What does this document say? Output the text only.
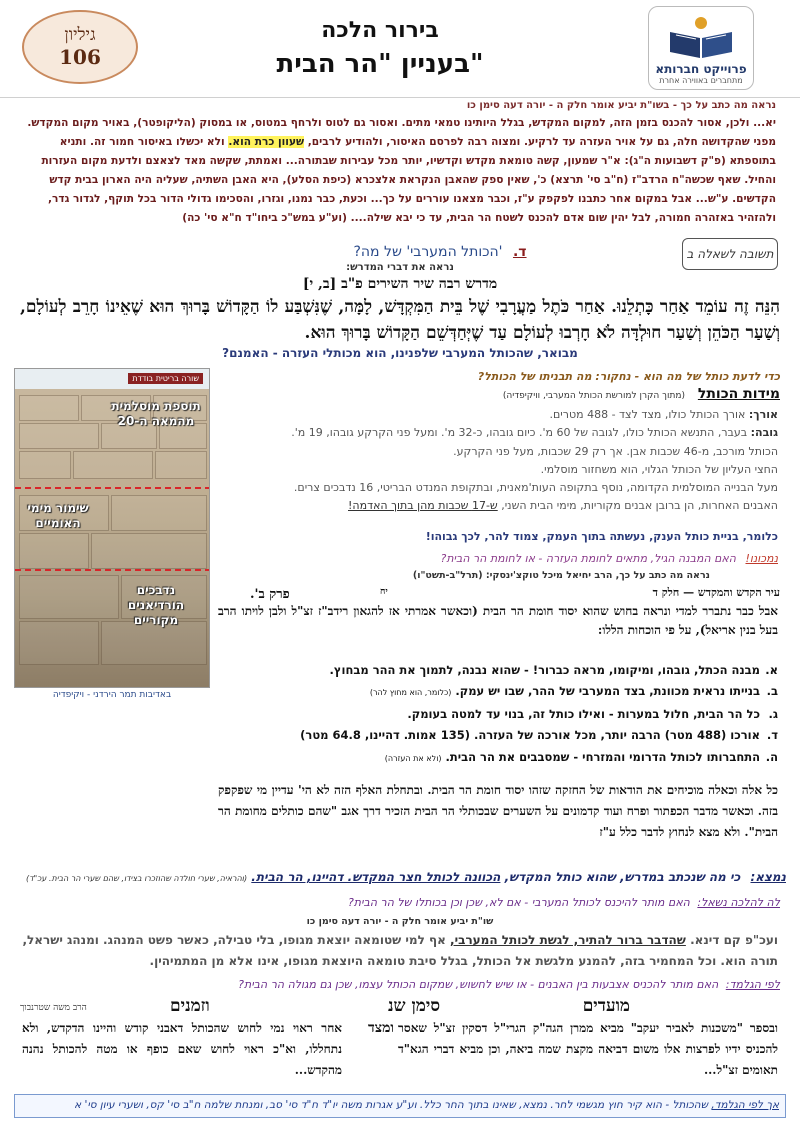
גיליון
106
בירור הלכה
בעניין "הר הבית"	פרוייקט חברותא
מתחברים באווירה אחרת
נראה מה כתב על כך - בשו"ת יביע אומר חלק ה - יורה דעה סימן כו
יא... ולכן, אסור להכנס בזמן הזה, למקום המקדש, בגלל היותינו טמאי מתים. ואסור גם לטוס ולרחף במטוס, או במסוק (הליקופטר), באויר מקום המקדש. מפני שהקדושה חלה, גם על אויר העזרה עד לרקיע. ומצוה רבה לפרסם האיסור, ולהודיע לרבים, שעוון כרת הוא. ולא יכשלו באיסור חמור זה. ותניא בתוספתא (פ"ק דשבועות ה"ג): א"ר שמעון, קשה טומאת מקדש וקדשיו, יותר מכל עבירות שבתורה... ואמתת, שקשה מאד לצאצם ולדעת מקום העזרות והחיל. שאף שכשה"ח הרדב"ז (ח"ב סי' תרצא) כ', שאין ספק שהאבן הנקראת אלצכרא (כיפת הסלע), היא האבן השתיה, שעליה היה הארון בבית קדש הקדשים. ע"ש... אבל במקום אחר כתבנו לפקפק ע"ז, וכבר מצאנו עוררים על כך... וכעת, כבר נמנו, וגזרו, והסכימו גדולי הדור בכל תוקף, לגדור גדר, ולהזהיר באזהרה חמורה, לבל יהין שום אדם להכנס לשטח הר הבית, עד כי יבא שילה.... (וע"ע במש"כ ביחו"ד ח"א סי' כה)
תשובה לשאלה ב
ד. 'הכותל המערבי' של מה?
נראה את דברי המדרש:
מדרש רבה שיר השירים פ"ב [ב, י]
הִנֵּה זֶה עוֹמֵד אַחַר כָּתְלֵנוּ. אַחַר כֹּתֶל מַעֲרָבִי שֶׁל בֵּית הַמִּקְדָּשׁ, לָמָּה, שֶׁנִּשְׁבַּע לוֹ הַקָּדוֹשׁ בָּרוּךְ הוּא שֶׁאֵינוֹ חָרֵב לְעוֹלָם, וְשַׁעַר הַכֹּהֵן וְשַׁעַר חוּלְדָּה לֹא חָרְבוּ לְעוֹלָם עַד שֶׁיְּחַדְּשֵׁם הַקָּדוֹשׁ בָּרוּךְ הוּא.
מבואר, שהכותל המערבי שלפנינו, הוא מכותלי העזרה - האמנם?
שורה בריטית בודדת
תוספת מוסלמית מהמאה ה-20
שימור מימי האומיים
נדבכים הורדיאנים מקוריים
באדיבות תמר הירדני - ויקיפדיה
כדי לדעת כותל של מה הוא - נחקור: מה תבניתו של הכותל?
מידות הכותל (מתוך הקרן למורשת הכותל המערבי, וויקיפדיה)
אורך: אורך הכותל כולו, מצד לצד - 488 מטרים.
גובה: בעבר, התנשא הכותל כולו, לגובה של 60 מ'. כיום גובהו, כ-32 מ'. ומעל פני הקרקע גובהו, 19 מ'.
הכותל מורכב, מ-46 שכבות אבן. אך רק 29 שכבות, מעל פני הקרקע.
החצי העליון של הכותל הגלוי, הוא משחזור מוסלמי.
מעל הבנייה המוסלמית הקדומה, נוסף בתקופה העות'מאנית, ובתקופת המנדט הבריטי, 16 נדבכים צרים.
האבנים האחרות, הן ברובן אבנים מקוריות, מימי הבית השני, ש-17 שכבות מהן בתוך האדמה!
כלומר, בניית כותל הענק, נעשתה בתוך העמק, צמוד להר, לכך גבוהו!
נמכונו! האם המבנה הגיל, מתאים לחומת העזרה - או לחומת הר הבית?
נראה מה כתב על כך, הרב יחיאל מיכל טוקצ'ינסקי: (תרל"ב-תשט"ו)
עיר הקדש והמקדש — חלק ד
יח
פרק ב'.
אבל כבר נתברר למדי ונראה בחוש שהוא יסוד חומת הר הבית (וכאשר אמרתי אז להגאון רידב"ז זצ"ל ולבן לויתו הרב בעל בנין אריאל), על פי הוכחות הללו:
א.מבנה הכתל, גובהו, ומיקומו, מראה כברור! - שהוא נבנה, לתמוך את ההר מבחוץ.
ב.בנייתו נראית מכוונת, בצד המערבי של ההר, שבו יש עמק. (כלומר, הוא מחוץ להר)
ג.כל הר הבית, חלול במערות - ואילו כותל זה, בנוי עד למטה בעומק.
ד.אורכו (488 מטר) הרבה יותר, מכל אורכה של העזרה. (135 אמות. דהיינו, 64.8 מטר)
ה.התחברותו לכותל הדרומי והמזרחי - שמסבבים את הר הבית. (ולא את העזרה)
כל אלה וכאלה מוכיחים את הודאות של החזקה שזהו יסוד חומת הר הבית. ובתחלת האלף הזה לא הי' עדיין מי שפקפק בזה. וכאשר מדבר הכפתור ופרח ועוד קדמונים על השערים שבכותלי הר הבית הזכיר דרך אגב "שהם כותלים מחומת הר הבית". ולא מצא לנחוץ לדבר כלל ע"ז
נמצא: כי מה שנכתב במדרש, שהוא כותל המקדש, הכוונה לכותל חצר המקדש. דהיינו, הר הבית. (והראיה, שערי חולדה שהוזכרו בצידו, שהם שערי הר הבית. עכ"ד)
לה להלכה נשאל: האם מותר להיכנס לכותל המערבי - אם לא, שכן וכן בכותלו של הר הבית?
שו"ת יביע אומר חלק ה - יורה דעה סימן כו
ועכ"פ קם דינא. שהדבר ברור להתיר, לגשת לכותל המערבי, אף למי שטומאה יוצאת מגופו, בלי טבילה, כאשר פשט המנהג. ומנהג ישראל, תורה הוא. וכל המחמיר בזה, להמנע מלגשת אל הכותל, בגלל סיבת טומאה היוצאת מגופו, אינו אלא מן המתמיהין.
לפי הגלמד: האם מותר להכניס אצבעות בין האבנים - או שיש לחשוש, שמקום הכותל עצמו, שכן גם מגולה הר הבית?
מועדים
סימן שנ
וזמנים
הרב משה שטרנבוך
ובספר "משכנות לאביר יעקב" מביא ממרן הגה"ק הגרי"ל דסקין זצ"ל שאסר להכניס ידיו לפרצות אלו משום דביאה מקצת שמה ביאה, וכן מביא דברי הגא"ד תאומים זצ"ל...
ומצד
אחר ראוי נמי לחוש שהכותל דאבני קודש והיינו הדקדש, ולא נתחללו, וא"כ ראוי לחוש שאם כופף או מטה להכותל נהנה מהקדש...
אך לפי הגלמד, שהכותל - הוא קיר חוץ מגשמי לחר. נמצא, שאינו בתוך החר כלל. וע"ע אגרות משה יו"ד ח"ד סי' סב, ומנחת שלמה ח"ב סי' קס, ושערי עיון סי' א
